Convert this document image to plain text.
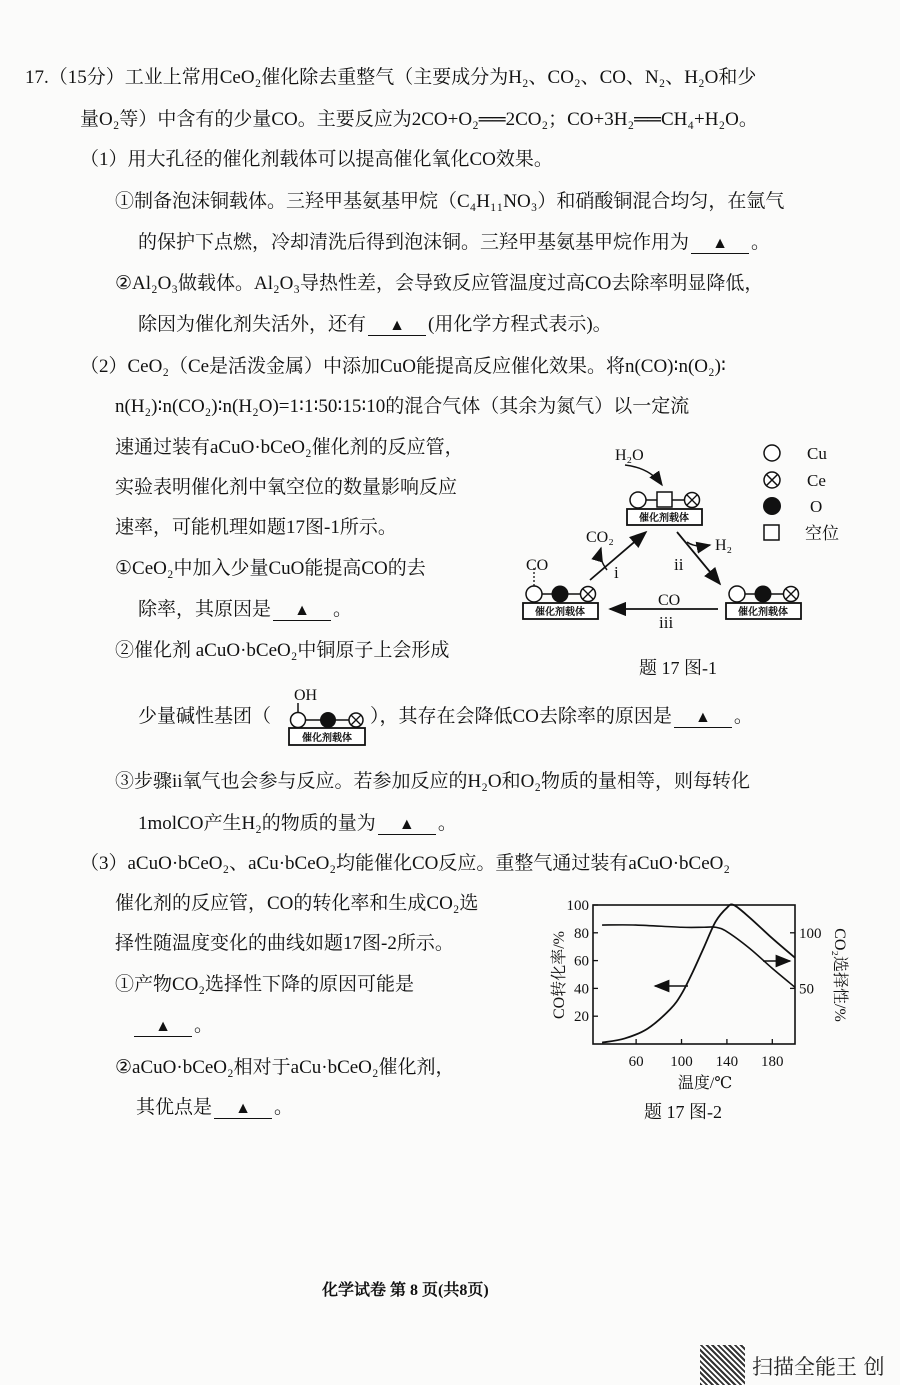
17.（15分）工业上常用CeO₂催化除去重整气（主要成分为H₂、CO₂、CO、N₂、H₂O和少
量O₂等）中含有的少量CO。主要反应为2CO+O₂══2CO₂；CO+3H₂══CH₄+H₂O。
（1）用大孔径的催化剂载体可以提高催化氧化CO效果。
①制备泡沫铜载体。三羟甲基氨基甲烷（C₄H₁₁NO₃）和硝酸铜混合均匀，在氩气
的保护下点燃，冷却清洗后得到泡沫铜。三羟甲基氨基甲烷作用为 ▲ 。
②Al₂O₃做载体。Al₂O₃导热性差，会导致反应管温度过高CO去除率明显降低，
除因为催化剂失活外，还有 ▲ (用化学方程式表示)。
（2）CeO₂（Ce是活泼金属）中添加CuO能提高反应催化效果。将n(CO)∶n(O₂)∶
n(H₂)∶n(CO₂)∶n(H₂O)=1∶1∶50∶15∶10的混合气体（其余为氮气）以一定流
速通过装有aCuO·bCeO₂催化剂的反应管，
实验表明催化剂中氧空位的数量影响反应
速率，可能机理如题17图-1所示。
①CeO₂中加入少量CuO能提高CO的去
除率，其原因是 ▲ 。
②催化剂 aCuO·bCeO₂中铜原子上会形成
少量碱性基团（
OH
催化剂载体
），其存在会降低CO去除率的原因是 ▲ 。
③步骤ii氧气也会参与反应。若参加反应的H₂O和O₂物质的量相等，则每转化
1molCO产生H₂的物质的量为 ▲ 。
（3）aCuO·bCeO₂、aCu·bCeO₂均能催化CO反应。重整气通过装有aCuO·bCeO₂
催化剂的反应管，CO的转化率和生成CO₂选
择性随温度变化的曲线如题17图-2所示。
①产物CO₂选择性下降的原因可能是
▲ 。
②aCuO·bCeO₂相对于aCu·bCeO₂催化剂，
其优点是 ▲ 。
Cu
Ce
O
空位
催化剂载体
催化剂载体	催化剂载体
CO
H₂O
CO₂
i
H₂
ii
CO
iii
题 17 图-1
60 100 140 180
20
40
60
80
100
50
100
CO转化率/%	CO₂选择性/%
温度/℃
题 17 图-2
化学试卷 第 8 页(共8页)
扫描全能王 创
